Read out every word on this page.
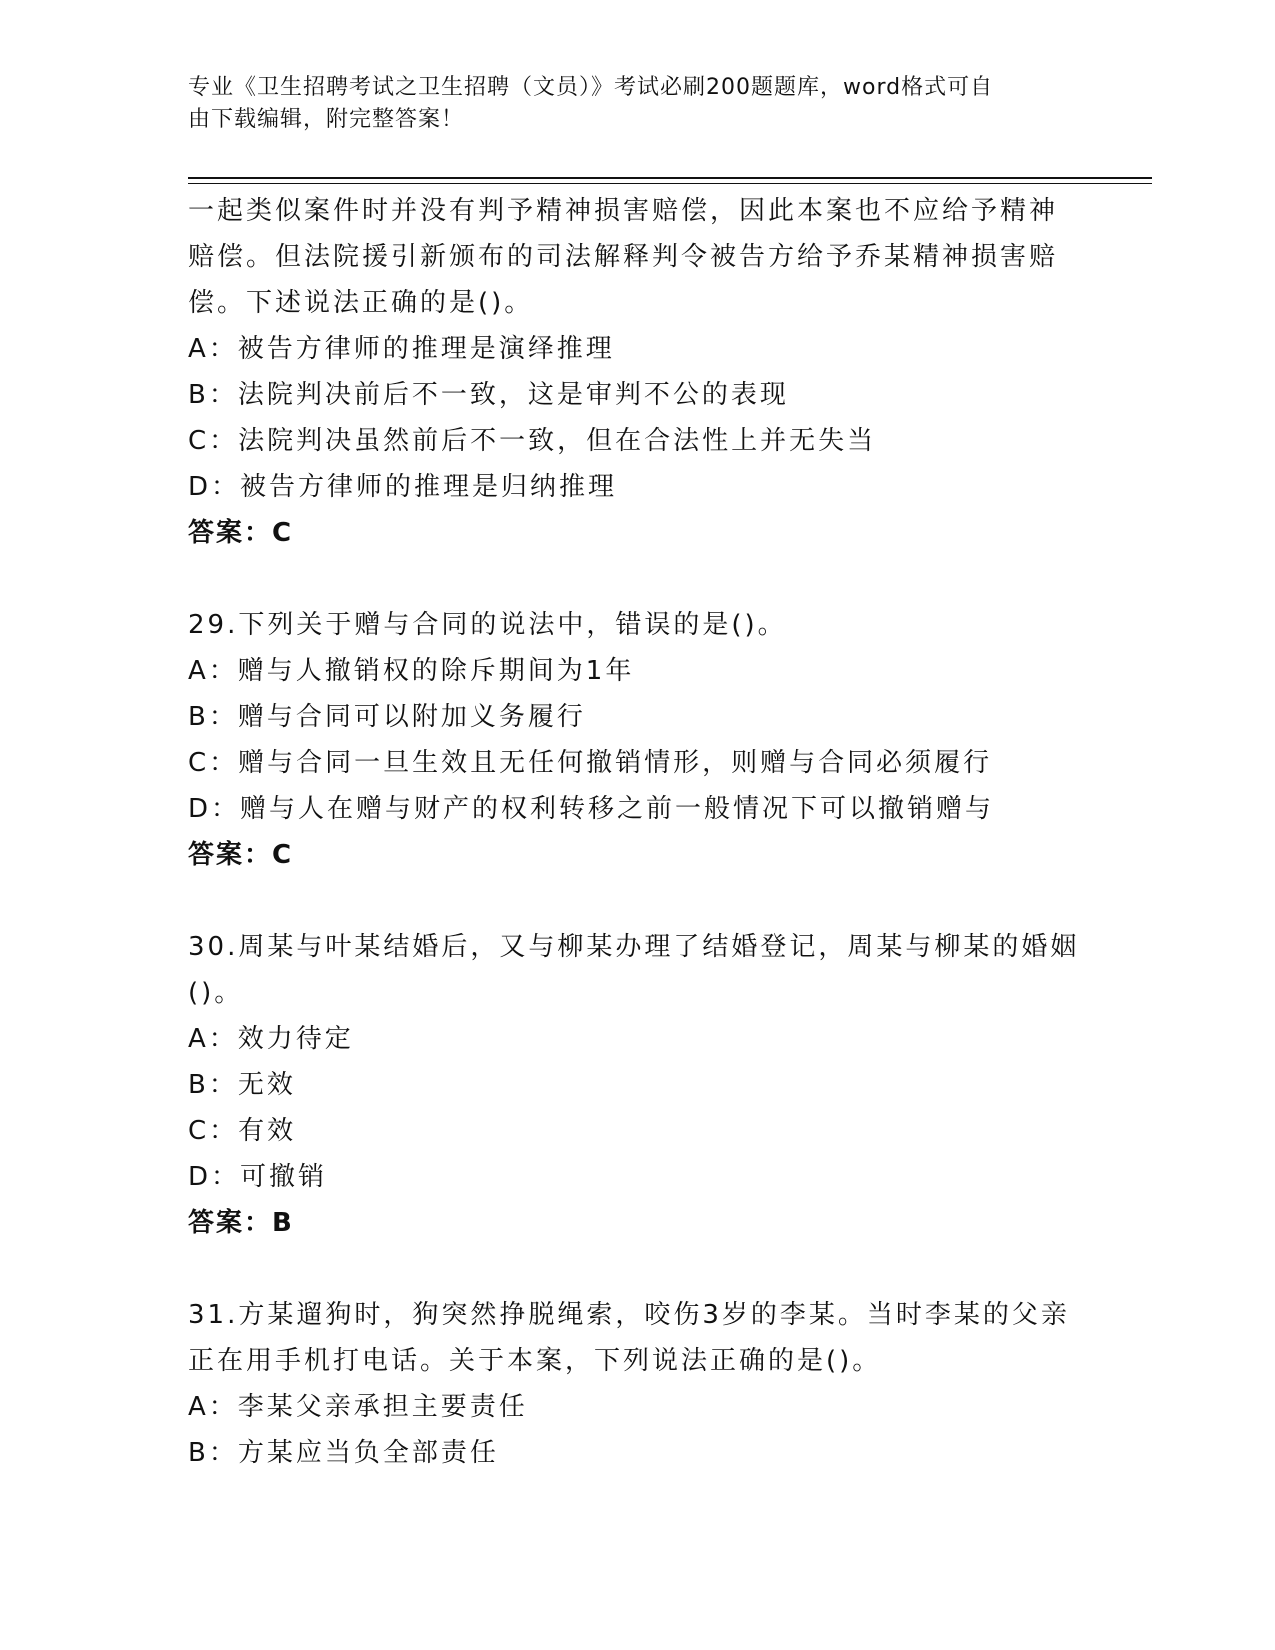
专业《卫生招聘考试之卫生招聘（文员）》考试必刷200题题库，word格式可自
由下载编辑，附完整答案！

一起类似案件时并没有判予精神损害赔偿，因此本案也不应给予精神

赔偿。但法院援引新颁布的司法解释判令被告方给予乔某精神损害赔

偿。下述说法正确的是()。

A：被告方律师的推理是演绎推理

B：法院判决前后不一致，这是审判不公的表现

C：法院判决虽然前后不一致，但在合法性上并无失当

D：被告方律师的推理是归纳推理

答案：C

29.下列关于赠与合同的说法中，错误的是()。

A：赠与人撤销权的除斥期间为1年

B：赠与合同可以附加义务履行

C：赠与合同一旦生效且无任何撤销情形，则赠与合同必须履行

D：赠与人在赠与财产的权利转移之前一般情况下可以撤销赠与

答案：C

30.周某与叶某结婚后，又与柳某办理了结婚登记，周某与柳某的婚姻

()。

A：效力待定

B：无效

C：有效

D：可撤销

答案：B

31.方某遛狗时，狗突然挣脱绳索，咬伤3岁的李某。当时李某的父亲

正在用手机打电话。关于本案，下列说法正确的是()。

A：李某父亲承担主要责任

B：方某应当负全部责任
